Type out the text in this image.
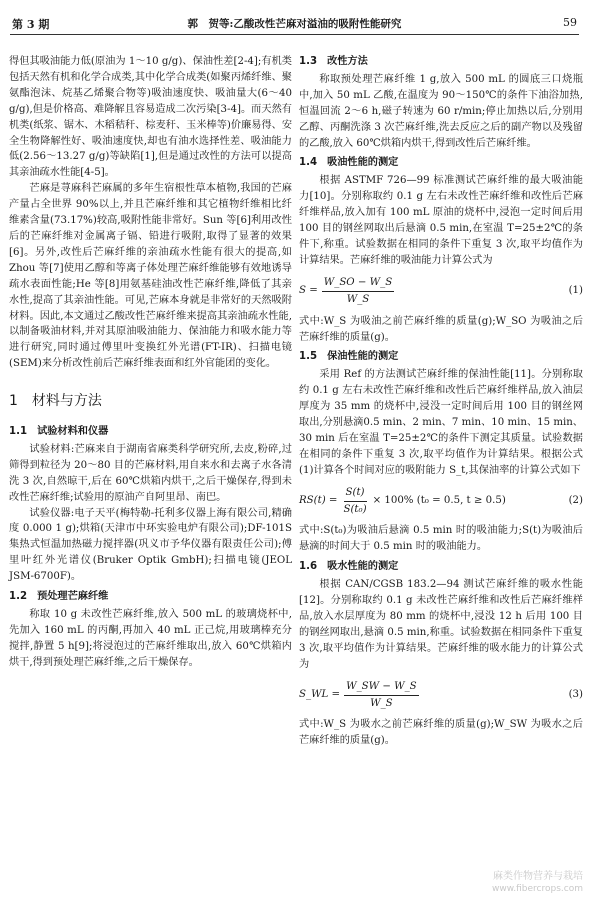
第 3 期	郭　贺等:乙酸改性芒麻对溢油的吸附性能研究	59

得但其吸油能力低(原油为 1～10 g/g)、保油性差[2-4];有机类包括天然有机和化学合成类,其中化学合成类(如聚丙烯纤维、聚氨酯泡沫、烷基乙烯聚合物等)吸油速度快、吸油量大(6～40 g/g),但是价格高、难降解且容易造成二次污染[3-4]。而天然有机类(纸浆、锯木、木稻秸秆、棕麦秆、玉米棒等)价廉易得、安全生物降解性好、吸油速度快,却也有油水选择性差、吸油能力低(2.56～13.27 g/g)等缺陷[1],但是通过改性的方法可以提高其亲油疏水性能[4-5]。

芒麻是荨麻科芒麻属的多年生宿根性草本植物,我国的芒麻产量占全世界 90%以上,并且芒麻纤维和其它植物纤维相比纤维素含量(73.17%)较高,吸附性能非常好。Sun 等[6]利用改性后的芒麻纤维对金属离子镉、铅进行吸附,取得了显著的效果[6]。另外,改性后芒麻纤维的亲油疏水性能有很大的提高,如 Zhou 等[7]使用乙醇和等离子体处理芒麻纤维能够有效地诱导疏水表面性能;He 等[8]用氨基硅油改性芒麻纤维,降低了其亲水性,提高了其亲油性能。可见,芒麻本身就是非常好的天然吸附材料。因此,本文通过乙酸改性芒麻纤维来提高其亲油疏水性能,以制备吸油材料,并对其原油吸油能力、保油能力和吸水能力等进行研究,同时通过傅里叶变换红外光谱(FT-IR)、扫描电镜(SEM)来分析改性前后芒麻纤维表面和红外官能团的变化。

1 材料与方法
1.1 试验材料和仪器

试验材料:芒麻来自于湖南省麻类科学研究所,去皮,粉碎,过筛得到粒径为 20～80 目的芒麻材料,用自来水和去离子水各清洗 3 次,自然晾干,后在 60℃烘箱内烘干,之后干燥保存,得到未改性芒麻纤维;试验用的原油产自阿里昂、南巴。

试验仪器:电子天平(梅特勒-托利多仪器上海有限公司,精确度 0.000 1 g);烘箱(天津市中环实验电炉有限公司);DF-101S 集热式恒温加热磁力搅拌器(巩义市予华仪器有限责任公司);傅里叶红外光谱仪(Bruker Optik GmbH);扫描电镜(JEOL JSM-6700F)。

1.2 预处理芒麻纤维

称取 10 g 未改性芒麻纤维,放入 500 mL 的玻璃烧杯中,先加入 160 mL 的丙酮,再加入 40 mL 正己烷,用玻璃棒充分搅拌,静置 5 h[9];将浸泡过的芒麻纤维取出,放入 60℃烘箱内烘干,得到预处理芒麻纤维,之后干燥保存。

1.3 改性方法

称取预处理芒麻纤维 1 g,放入 500 mL 的圆底三口烧瓶中,加入 50 mL 乙酸,在温度为 90～150℃的条件下油浴加热,恒温回流 2～6 h,磁子转速为 60 r/min;停止加热以后,分别用乙醇、丙酮洗涤 3 次芒麻纤维,洗去反应之后的副产物以及残留的乙酸,放入 60℃烘箱内烘干,得到改性后芒麻纤维。

1.4 吸油性能的测定

根据 ASTMF 726—99 标准测试芒麻纤维的最大吸油能力[10]。分别称取约 0.1 g 左右未改性芒麻纤维和改性后芒麻纤维样品,放入加有 100 mL 原油的烧杯中,浸泡一定时间后用 100 目的钢丝网取出后悬滴 0.5 min,在室温 T=25±2℃的条件下,称重。试验数据在相同的条件下重复 3 次,取平均值作为计算结果。芒麻纤维的吸油能力计算公式为

$S = \frac{W\_SO - W\_S}{W\_S}$	(1)

式中:W_S 为吸油之前芒麻纤维的质量(g);W_SO 为吸油之后芒麻纤维的质量(g)。

1.5 保油性能的测定

采用 Ref 的方法测试芒麻纤维的保油性能[11]。分别称取约 0.1 g 左右未改性芒麻纤维和改性后芒麻纤维样品,放入油层厚度为 35 mm 的烧杯中,浸没一定时间后用 100 目的钢丝网取出,分别悬滴0.5 min、2 min、7 min、10 min、15 min、30 min 后在室温 T=25±2℃的条件下测定其质量。试验数据在相同的条件下重复 3 次,取平均值作为计算结果。根据公式(1)计算各个时间对应的吸附能力 S_t,其保油率的计算公式如下

$RS(t) = \frac{S(t)}{\text{S(t₀)}} \times 100\%$ (t₀ = 0.5, t ≥ 0.5)	(2)

式中:S(t₀)为吸油后悬滴 0.5 min 时的吸油能力;S(t)为吸油后悬滴的时间大于 0.5 min 时的吸油能力。

1.6 吸水性能的测定

根据 CAN/CGSB 183.2—94 测试芒麻纤维的吸水性能[12]。分别称取约 0.1 g 未改性芒麻纤维和改性后芒麻纤维样品,放入水层厚度为 80 mm 的烧杯中,浸没 12 h 后用 100 目的钢丝网取出,悬滴 0.5 min,称重。试验数据在相同条件下重复 3 次,取平均值作为计算结果。芒麻纤维的吸水能力的计算公式为

S_WL = $\frac{W\_SW - W\_S}{W\_S}$	(3)

式中:W_S 为吸水之前芒麻纤维的质量(g);W_SW 为吸水之后芒麻纤维的质量(g)。

麻类作物营养与栽培
www.fibercrops.com
